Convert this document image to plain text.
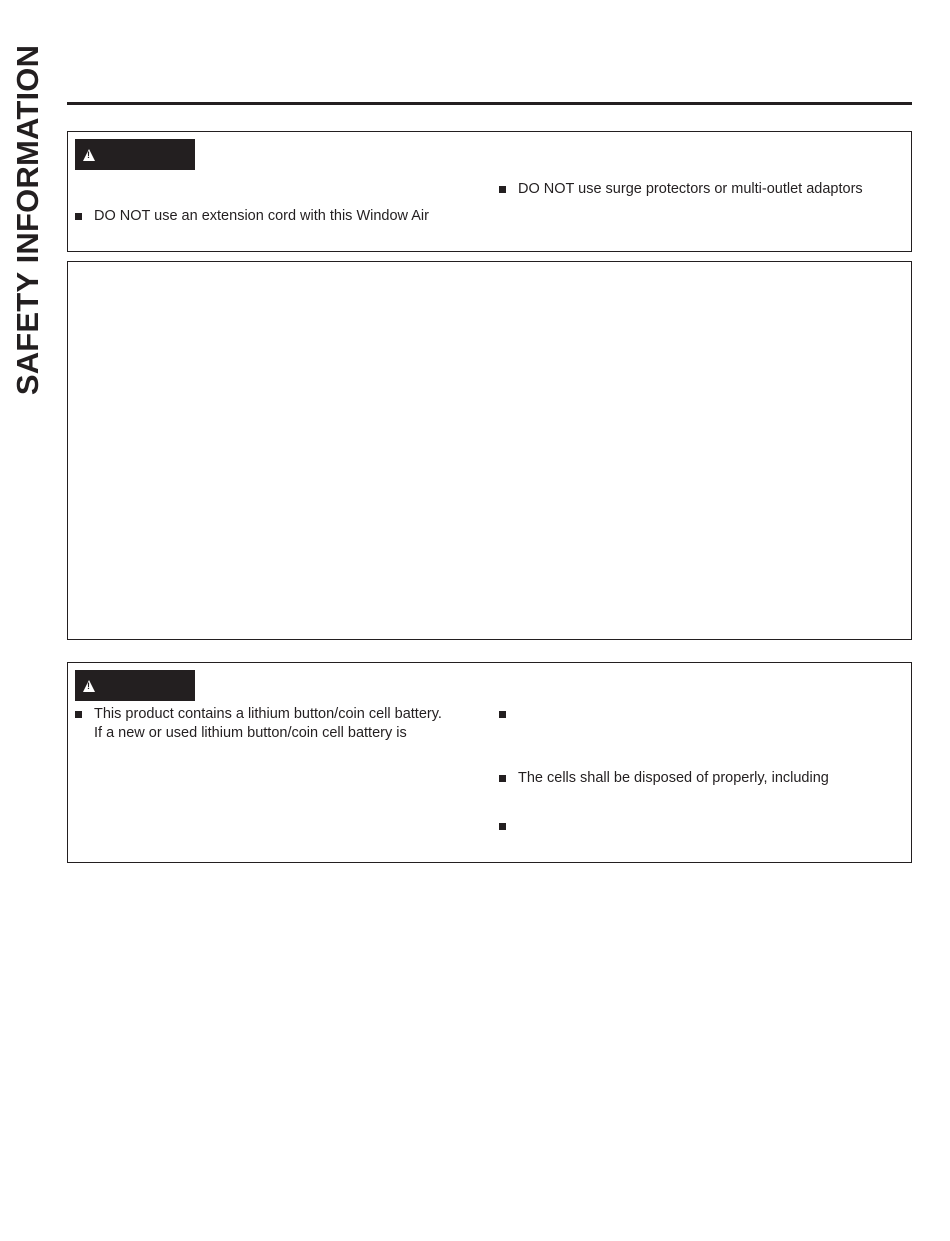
SAFETY INFORMATION
!	DO NOT use an extension cord with this Window Air
DO NOT use surge protectors or multi-outlet adaptors
!
This product contains a lithium button/coin cell battery.
If a new or used lithium button/coin cell battery is
The cells shall be disposed of properly, including
